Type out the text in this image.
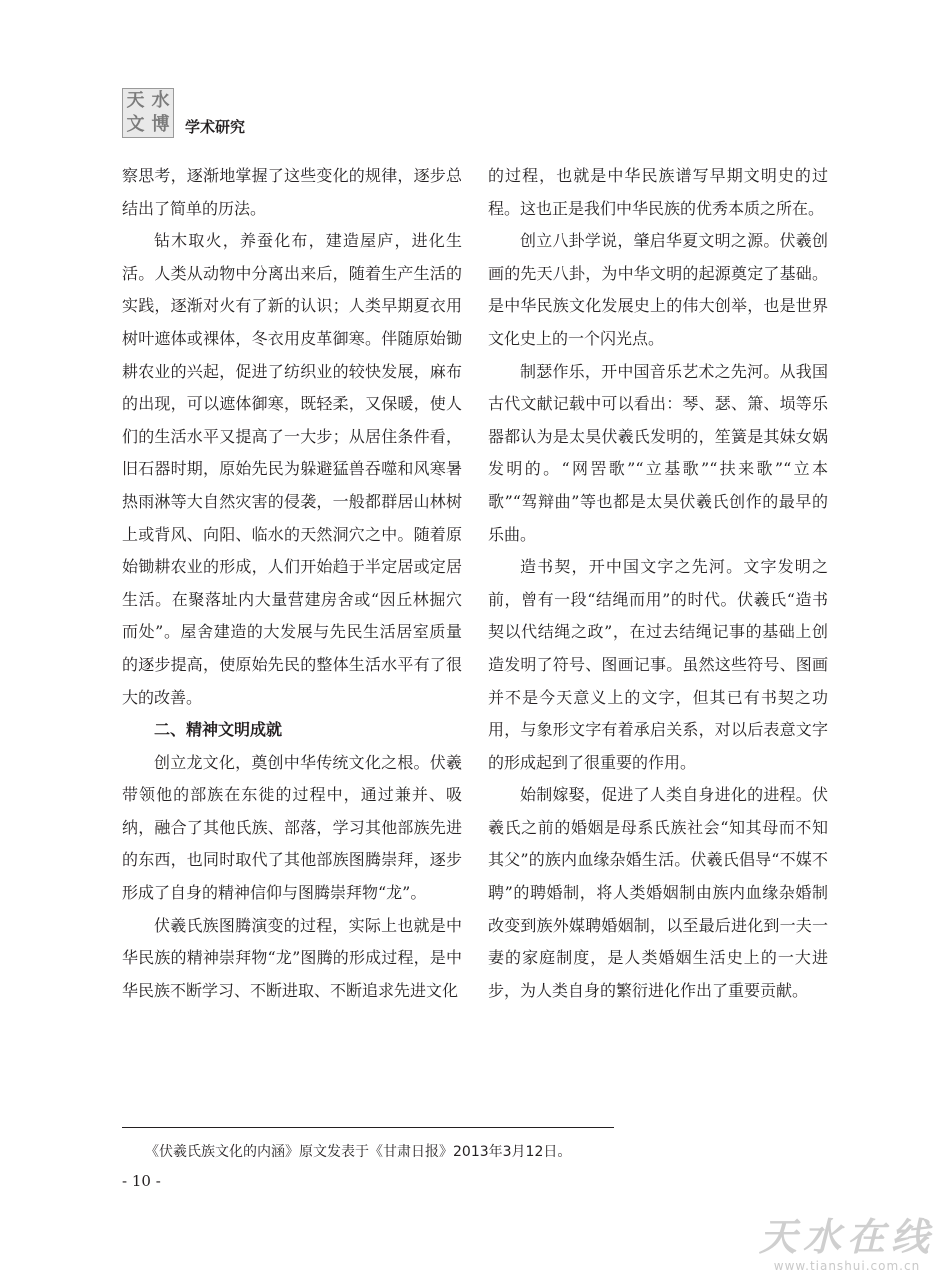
天 水
文 博 学术研究

察思考，逐渐地掌握了这些变化的规律，逐步总结出了简单的历法。

钻木取火，养蚕化布，建造屋庐，进化生活。人类从动物中分离出来后，随着生产生活的实践，逐渐对火有了新的认识；人类早期夏衣用树叶遮体或裸体，冬衣用皮革御寒。伴随原始锄耕农业的兴起，促进了纺织业的较快发展，麻布的出现，可以遮体御寒，既轻柔，又保暖，使人们的生活水平又提高了一大步；从居住条件看，旧石器时期，原始先民为躲避猛兽吞噬和风寒暑热雨淋等大自然灾害的侵袭，一般都群居山林树上或背风、向阳、临水的天然洞穴之中。随着原始锄耕农业的形成，人们开始趋于半定居或定居生活。在聚落址内大量营建房舍或“因丘林掘穴而处”。屋舍建造的大发展与先民生活居室质量的逐步提高，使原始先民的整体生活水平有了很大的改善。

二、精神文明成就

创立龙文化，奠创中华传统文化之根。伏羲带领他的部族在东徙的过程中，通过兼并、吸纳，融合了其他氏族、部落，学习其他部族先进的东西，也同时取代了其他部族图腾崇拜，逐步形成了自身的精神信仰与图腾崇拜物“龙”。

伏羲氏族图腾演变的过程，实际上也就是中华民族的精神崇拜物“龙”图腾的形成过程，是中华民族不断学习、不断进取、不断追求先进文化

的过程，也就是中华民族谱写早期文明史的过程。这也正是我们中华民族的优秀本质之所在。

创立八卦学说，肇启华夏文明之源。伏羲创画的先天八卦，为中华文明的起源奠定了基础。是中华民族文化发展史上的伟大创举，也是世界文化史上的一个闪光点。

制瑟作乐，开中国音乐艺术之先河。从我国古代文献记载中可以看出：琴、瑟、箫、埙等乐器都认为是太昊伏羲氏发明的，笙簧是其妹女娲发明的。“网罟歌”“立基歌”“扶来歌”“立本歌”“驾辩曲”等也都是太昊伏羲氏创作的最早的乐曲。

造书契，开中国文字之先河。文字发明之前，曾有一段“结绳而用”的时代。伏羲氏“造书契以代结绳之政”，在过去结绳记事的基础上创造发明了符号、图画记事。虽然这些符号、图画并不是今天意义上的文字，但其已有书契之功用，与象形文字有着承启关系，对以后表意文字的形成起到了很重要的作用。

始制嫁娶，促进了人类自身进化的进程。伏羲氏之前的婚姻是母系氏族社会“知其母而不知其父”的族内血缘杂婚生活。伏羲氏倡导“不媒不聘”的聘婚制，将人类婚姻制由族内血缘杂婚制改变到族外媒聘婚姻制，以至最后进化到一夫一妻的家庭制度，是人类婚姻生活史上的一大进步，为人类自身的繁衍进化作出了重要贡献。

《伏羲氏族文化的内涵》原文发表于《甘肃日报》2013年3月12日。
- 10 -
天水在线
www.tianshui.com.cn
